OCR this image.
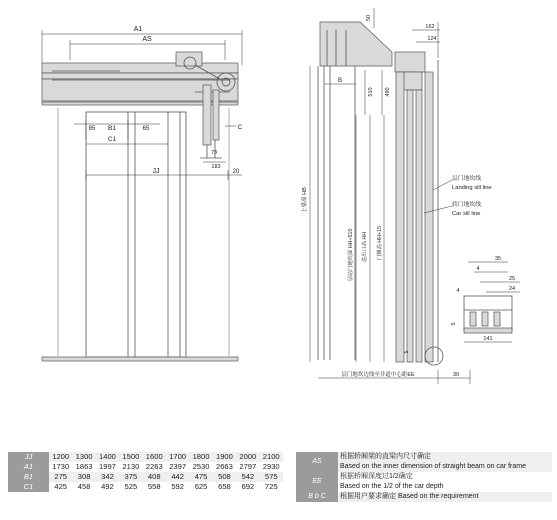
A1
AS
85 B1	65
C1
C
73
183
JJ	20
50
162
124
B
510 490
上梁高 HB
层站门地坎面 HH+510	进出口高 HH	门额高 HH+15
层门地坎线
Landing sill line
轿门地坎线
Car sill line
5
层门地坎边线至井道中心距EE	30
35
4
25
24
4
5
141
JJ	1200	1300	1400	1500	1600	1700	1800	1900	2000	2100
A1	1730	1863	1997	2130	2263	2397	2530	2663	2797	2930
B1	275	308	342	375	408	442	475	508	542	575
C1	425	458	492	525	558	592	625	658	692	725
AS	根据轿厢架的直梁内尺寸确定
	Based on the inner dimension of straight beam on car frame
EE	根据轿厢深度过1/2确定
	Based on the 1/2 of the car depth
B b C	根据用户要求确定 Based on the requirement
